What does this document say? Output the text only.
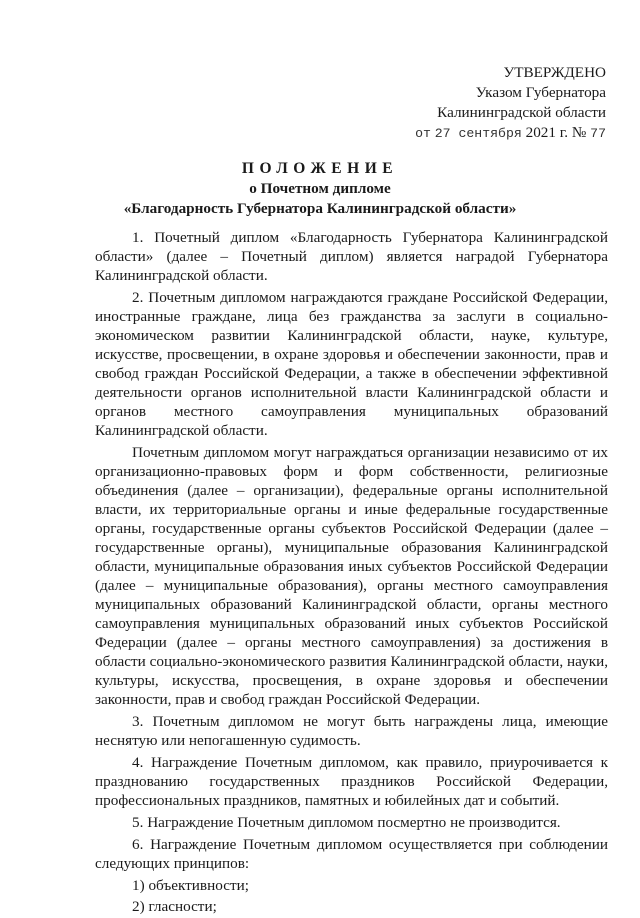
УТВЕРЖДЕНО
Указом Губернатора
Калининградской области
от 27 сентября 2021 г. № 77
ПОЛОЖЕНИЕ
о Почетном дипломе
«Благодарность Губернатора Калининградской области»

1. Почетный диплом «Благодарность Губернатора Калининградской области» (далее – Почетный диплом) является наградой Губернатора Калининградской области.

2. Почетным дипломом награждаются граждане Российской Федерации, иностранные граждане, лица без гражданства за заслуги в социально-экономическом развитии Калининградской области, науке, культуре, искусстве, просвещении, в охране здоровья и обеспечении законности, прав и свобод граждан Российской Федерации, а также в обеспечении эффективной деятельности органов исполнительной власти Калининградской области и органов местного самоуправления муниципальных образований Калининградской области.

Почетным дипломом могут награждаться организации независимо от их организационно-правовых форм и форм собственности, религиозные объединения (далее – организации), федеральные органы исполнительной власти, их территориальные органы и иные федеральные государственные органы, государственные органы субъектов Российской Федерации (далее – государственные органы), муниципальные образования Калининградской области, муниципальные образования иных субъектов Российской Федерации (далее – муниципальные образования), органы местного самоуправления муниципальных образований Калининградской области, органы местного самоуправления муниципальных образований иных субъектов Российской Федерации (далее – органы местного самоуправления) за достижения в области социально-экономического развития Калининградской области, науки, культуры, искусства, просвещения, в охране здоровья и обеспечении законности, прав и свобод граждан Российской Федерации.

3. Почетным дипломом не могут быть награждены лица, имеющие неснятую или непогашенную судимость.

4. Награждение Почетным дипломом, как правило, приурочивается к празднованию государственных праздников Российской Федерации, профессиональных праздников, памятных и юбилейных дат и событий.

5. Награждение Почетным дипломом посмертно не производится.

6. Награждение Почетным дипломом осуществляется при соблюдении следующих принципов:

1) объективности;

2) гласности;
